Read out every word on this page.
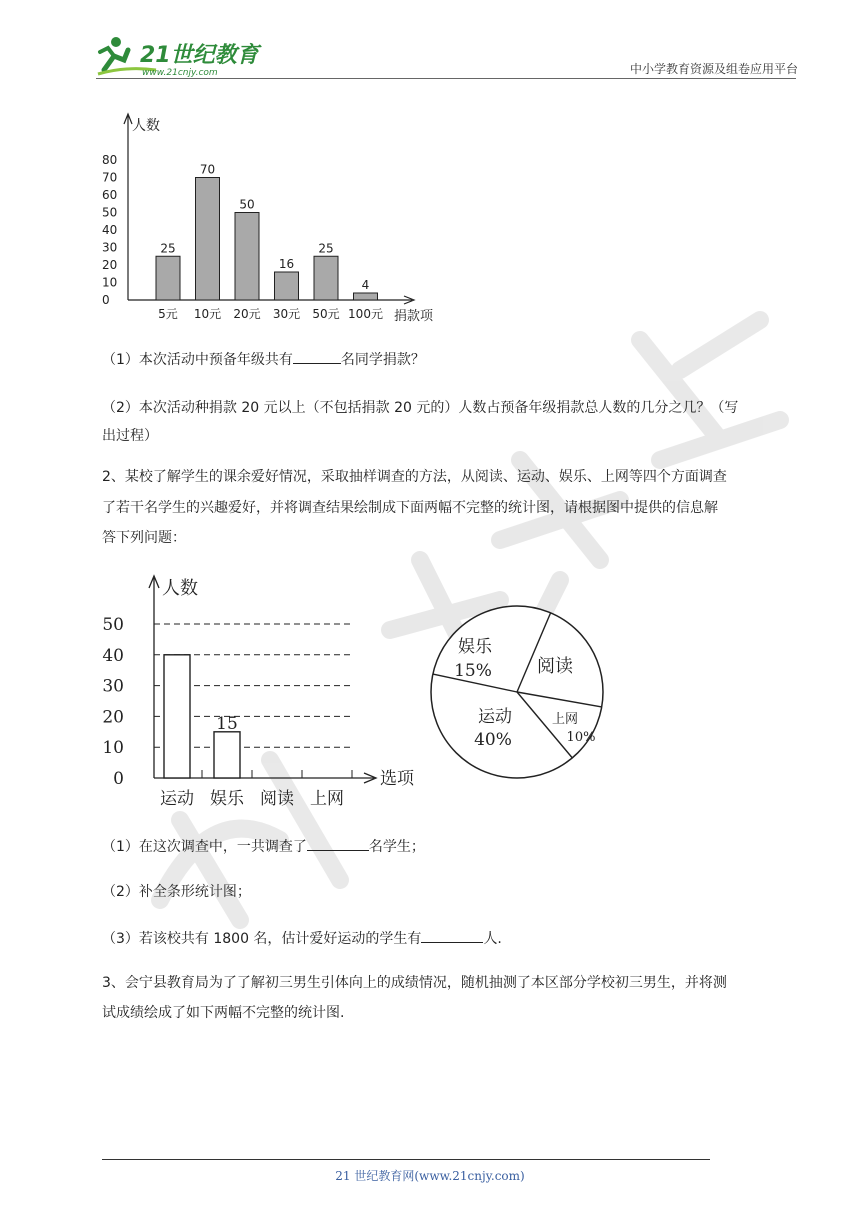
21世纪教育
www.21cnjy.com	中小学教育资源及组卷应用平台
人数
捐款项
0
10
20
30
40
50
60
70
80
25
5元
70
10元
50
20元
16
30元
25
50元
4
100元
（1）本次活动中预备年级共有	名同学捐款？
（2）本次活动种捐款 20 元以上（不包括捐款 20 元的）人数占预备年级捐款总人数的几分之几？（写
出过程）
2、某校了解学生的课余爱好情况，采取抽样调查的方法，从阅读、运动、娱乐、上网等四个方面调查
了若干名学生的兴趣爱好，并将调查结果绘制成下面两幅不完整的统计图，请根据图中提供的信息解
答下列问题：
人数
选项
0
10
20
30
40
50
运动
15
娱乐 阅读 上网
娱乐
15%	阅读
上网
10%
运动
40%
（1）在这次调查中，一共调查了	名学生；
（2）补全条形统计图；
（3）若该校共有 1800 名，估计爱好运动的学生有	人.
3、会宁县教育局为了了解初三男生引体向上的成绩情况，随机抽测了本区部分学校初三男生，并将测
试成绩绘成了如下两幅不完整的统计图.
21 世纪教育网(www.21cnjy.com)
